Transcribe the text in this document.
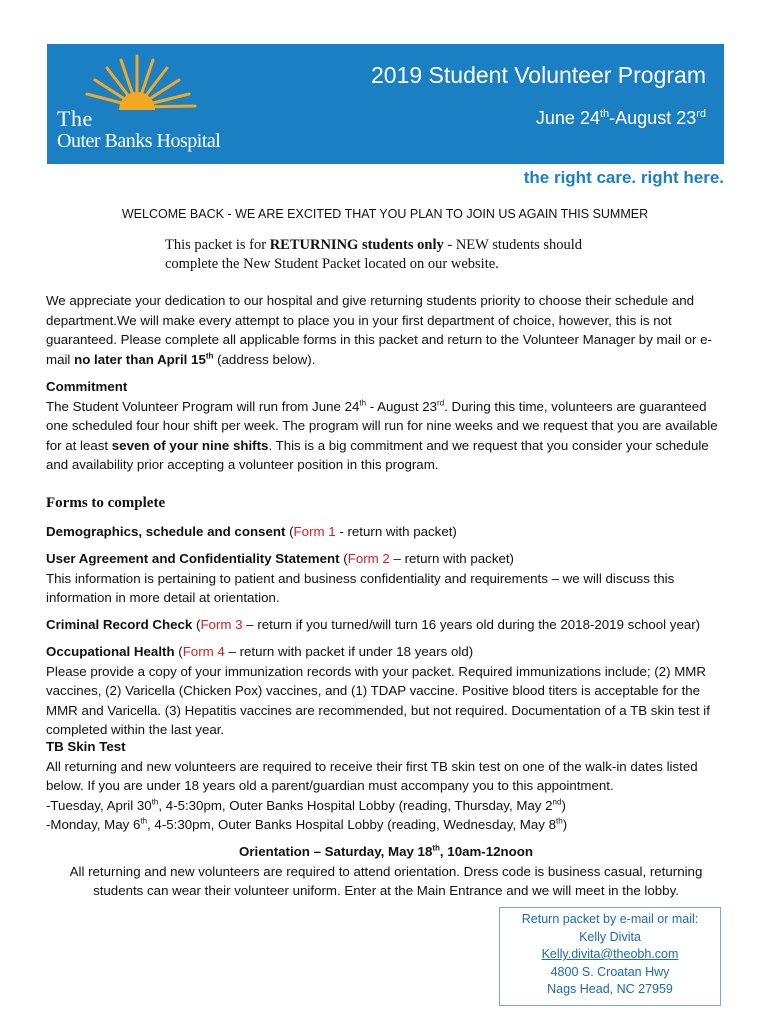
The
Outer Banks Hospital
2019 Student Volunteer Program
June 24th-August 23rd
the right care. right here.
WELCOME BACK - WE ARE EXCITED THAT YOU PLAN TO JOIN US AGAIN THIS SUMMER
This packet is for RETURNING students only - NEW students should complete the New Student Packet located on our website.
We appreciate your dedication to our hospital and give returning students priority to choose their schedule and department.We will make every attempt to place you in your first department of choice, however, this is not guaranteed. Please complete all applicable forms in this packet and return to the Volunteer Manager by mail or e-mail no later than April 15th (address below).
Commitment
The Student Volunteer Program will run from June 24th - August 23rd. During this time, volunteers are guaranteed one scheduled four hour shift per week. The program will run for nine weeks and we request that you are available for at least seven of your nine shifts. This is a big commitment and we request that you consider your schedule and availability prior accepting a volunteer position in this program.
Forms to complete
Demographics, schedule and consent (Form 1 - return with packet)
User Agreement and Confidentiality Statement (Form 2 – return with packet)
This information is pertaining to patient and business confidentiality and requirements – we will discuss this information in more detail at orientation.
Criminal Record Check (Form 3 – return if you turned/will turn 16 years old during the 2018-2019 school year)
Occupational Health (Form 4 – return with packet if under 18 years old)
Please provide a copy of your immunization records with your packet. Required immunizations include; (2) MMR vaccines, (2) Varicella (Chicken Pox) vaccines, and (1) TDAP vaccine. Positive blood titers is acceptable for the MMR and Varicella. (3) Hepatitis vaccines are recommended, but not required. Documentation of a TB skin test if completed within the last year.
TB Skin Test
All returning and new volunteers are required to receive their first TB skin test on one of the walk-in dates listed below. If you are under 18 years old a parent/guardian must accompany you to this appointment.
-Tuesday, April 30th, 4-5:30pm, Outer Banks Hospital Lobby (reading, Thursday, May 2nd)
-Monday, May 6th, 4-5:30pm, Outer Banks Hospital Lobby (reading, Wednesday, May 8th)
Orientation – Saturday, May 18th, 10am-12noon
All returning and new volunteers are required to attend orientation. Dress code is business casual, returning students can wear their volunteer uniform. Enter at the Main Entrance and we will meet in the lobby.
Return packet by e-mail or mail:
Kelly Divita
Kelly.divita@theobh.com
4800 S. Croatan Hwy
Nags Head, NC 27959
